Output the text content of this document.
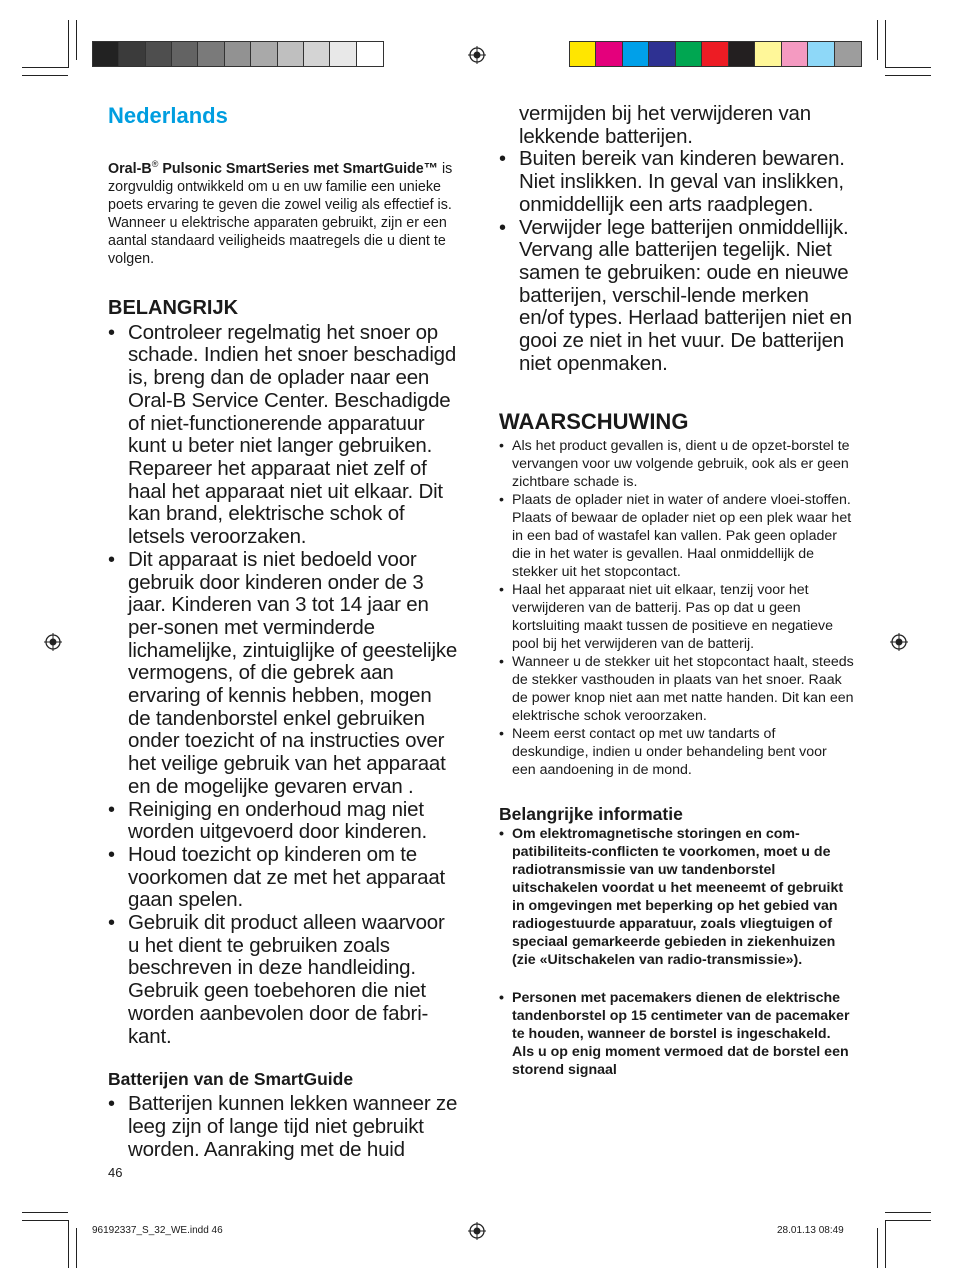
Nederlands

Oral-B® Pulsonic SmartSeries met SmartGuide™ is zorgvuldig ontwikkeld om u en uw familie een unieke poets ervaring te geven die zowel veilig als effectief is. Wanneer u elektrische apparaten gebruikt, zijn er een aantal standaard veiligheids maatregels die u dient te volgen.

BELANGRIJK
• Controleer regelmatig het snoer op schade. Indien het snoer beschadigd is, breng dan de oplader naar een Oral-B Service Center. Beschadigde of niet-functionerende apparatuur kunt u beter niet langer gebruiken. Repareer het apparaat niet zelf of haal het apparaat niet uit elkaar. Dit kan brand, elektrische schok of letsels veroorzaken.
• Dit apparaat is niet bedoeld voor gebruik door kinderen onder de 3 jaar. Kinderen van 3 tot 14 jaar en per-sonen met verminderde lichamelijke, zintuiglijke of geestelijke vermogens, of die gebrek aan ervaring of kennis hebben, mogen de tandenborstel enkel gebruiken onder toezicht of na instructies over het veilige gebruik van het apparaat en de mogelijke gevaren ervan .
• Reiniging en onderhoud mag niet worden uitgevoerd door kinderen.
• Houd toezicht op kinderen om te voorkomen dat ze met het apparaat gaan spelen.
• Gebruik dit product alleen waarvoor u het dient te gebruiken zoals beschreven in deze handleiding. Gebruik geen toebehoren die niet worden aanbevolen door de fabri-kant.
Batterijen van de SmartGuide
• Batterijen kunnen lekken wanneer ze leeg zijn of lange tijd niet gebruikt worden. Aanraking met de huid

vermijden bij het verwijderen van lekkende batterijen.

• Buiten bereik van kinderen bewaren. Niet inslikken. In geval van inslikken, onmiddellijk een arts raadplegen.
• Verwijder lege batterijen onmiddellijk. Vervang alle batterijen tegelijk. Niet samen te gebruiken: oude en nieuwe batterijen, verschil-lende merken en/of types. Herlaad batterijen niet en gooi ze niet in het vuur. De batterijen niet openmaken.
WAARSCHUWING
• Als het product gevallen is, dient u de opzet-borstel te vervangen voor uw volgende gebruik, ook als er geen zichtbare schade is.
• Plaats de oplader niet in water of andere vloei-stoffen. Plaats of bewaar de oplader niet op een plek waar het in een bad of wastafel kan vallen. Pak geen oplader die in het water is gevallen. Haal onmiddellijk de stekker uit het stopcontact.
• Haal het apparaat niet uit elkaar, tenzij voor het verwijderen van de batterij. Pas op dat u geen kortsluiting maakt tussen de positieve en negatieve pool bij het verwijderen van de batterij.
• Wanneer u de stekker uit het stopcontact haalt, steeds de stekker vasthouden in plaats van het snoer. Raak de power knop niet aan met natte handen. Dit kan een elektrische schok veroorzaken.
• Neem eerst contact op met uw tandarts of deskundige, indien u onder behandeling bent voor een aandoening in de mond.
Belangrijke informatie
• Om elektromagnetische storingen en com-patibiliteits-conflicten te voorkomen, moet u de radiotransmissie van uw tandenborstel uitschakelen voordat u het meeneemt of gebruikt in omgevingen met beperking op het gebied van radiogestuurde apparatuur, zoals vliegtuigen of speciaal gemarkeerde gebieden in ziekenhuizen (zie «Uitschakelen van radio-transmissie»).
• Personen met pacemakers dienen de elektrische tandenborstel op 15 centimeter van de pacemaker te houden, wanneer de borstel is ingeschakeld. Als u op enig moment vermoed dat de borstel een storend signaal
46
96192337_S_32_WE.indd 46	28.01.13 08:49
